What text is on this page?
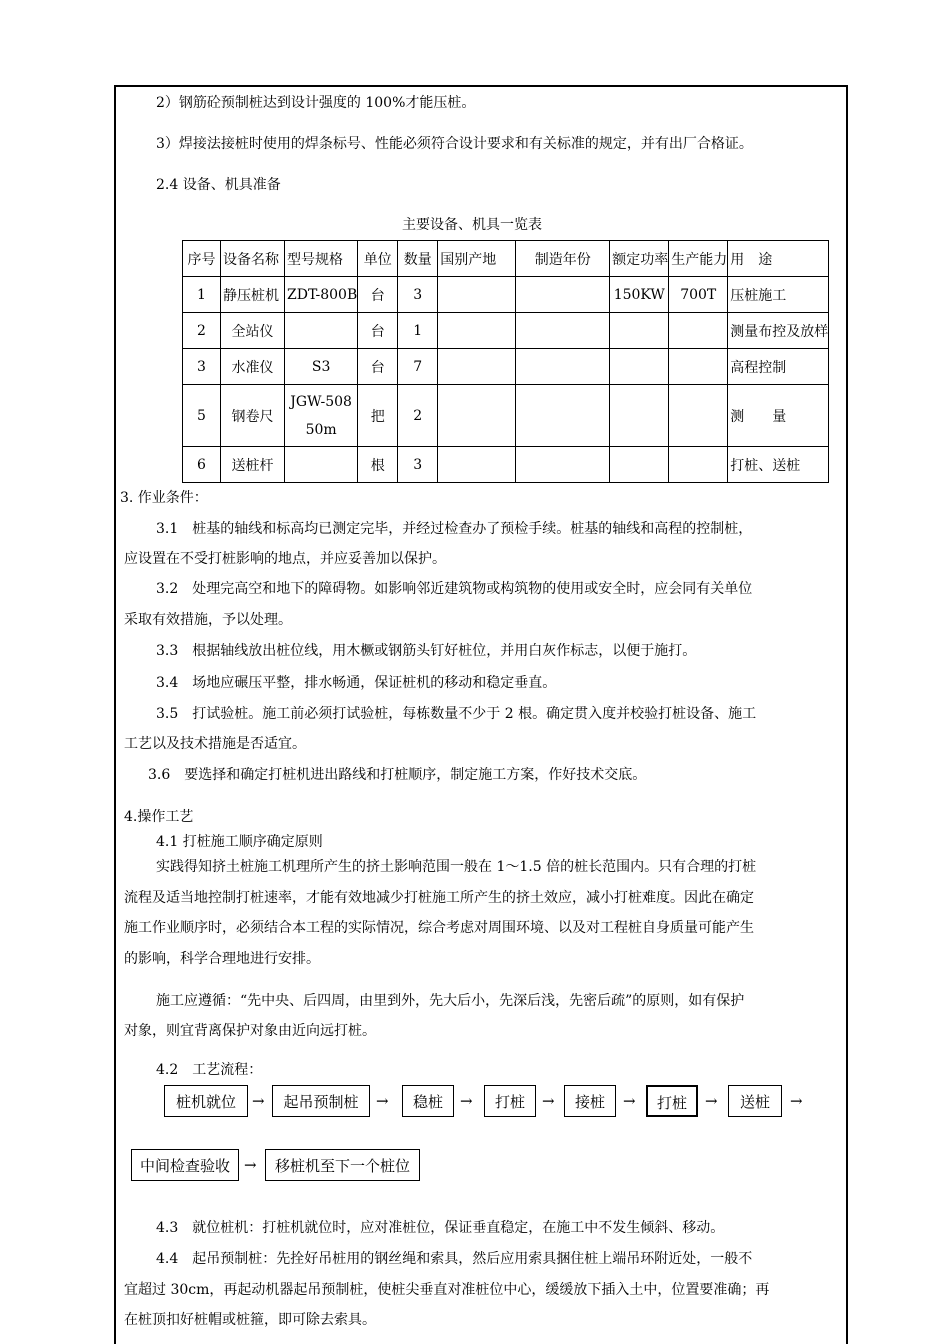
2）钢筋砼预制桩达到设计强度的 100%才能压桩。
3）焊接法接桩时使用的焊条标号、性能必须符合设计要求和有关标准的规定，并有出厂合格证。
2.4 设备、机具准备
主要设备、机具一览表
序号	设备名称	型号规格	单位	数量	国别产地	制造年份	额定功率	生产能力	用　途
1	静压桩机	ZDT-800B	台	3			150KW	700T	压桩施工
2	全站仪		台	1					测量布控及放样
3	水准仪	S3	台	7					高程控制
5	钢卷尺	JGW-508
50m	把	2					测　　量
6	送桩杆		根	3					打桩、送桩
3. 作业条件：
3.1　桩基的轴线和标高均已测定完毕，并经过检查办了预检手续。桩基的轴线和高程的控制桩，
应设置在不受打桩影响的地点，并应妥善加以保护。
3.2　处理完高空和地下的障碍物。如影响邻近建筑物或构筑物的使用或安全时，应会同有关单位
采取有效措施，予以处理。
3.3　根据轴线放出桩位线，用木橛或钢筋头钉好桩位，并用白灰作标志，以便于施打。
3.4　场地应碾压平整，排水畅通，保证桩机的移动和稳定垂直。
3.5　打试验桩。施工前必须打试验桩，每栋数量不少于 2 根。确定贯入度并校验打桩设备、施工
工艺以及技术措施是否适宜。
3.6　要选择和确定打桩机进出路线和打桩顺序，制定施工方案，作好技术交底。
4.操作工艺
4.1 打桩施工顺序确定原则
实践得知挤土桩施工机理所产生的挤土影响范围一般在 1～1.5 倍的桩长范围内。只有合理的打桩
流程及适当地控制打桩速率，才能有效地减少打桩施工所产生的挤土效应，减小打桩难度。因此在确定
施工作业顺序时，必须结合本工程的实际情况，综合考虑对周围环境、以及对工程桩自身质量可能产生
的影响，科学合理地进行安排。
施工应遵循：“先中央、后四周，由里到外，先大后小，先深后浅，先密后疏”的原则，如有保护
对象，则宜背离保护对象由近向远打桩。
4.2　工艺流程：
桩机就位	→	起吊预制桩	→	稳桩	→	打桩	→	接桩	→	打桩	→	送桩	→
中间检查验收 →	移桩机至下一个桩位
4.3　就位桩机：打桩机就位时，应对准桩位，保证垂直稳定，在施工中不发生倾斜、移动。
4.4　起吊预制桩：先拴好吊桩用的钢丝绳和索具，然后应用索具捆住桩上端吊环附近处，一般不
宜超过 30cm，再起动机器起吊预制桩，使桩尖垂直对准桩位中心，缓缓放下插入土中，位置要准确；再
在桩顶扣好桩帽或桩箍，即可除去索具。
